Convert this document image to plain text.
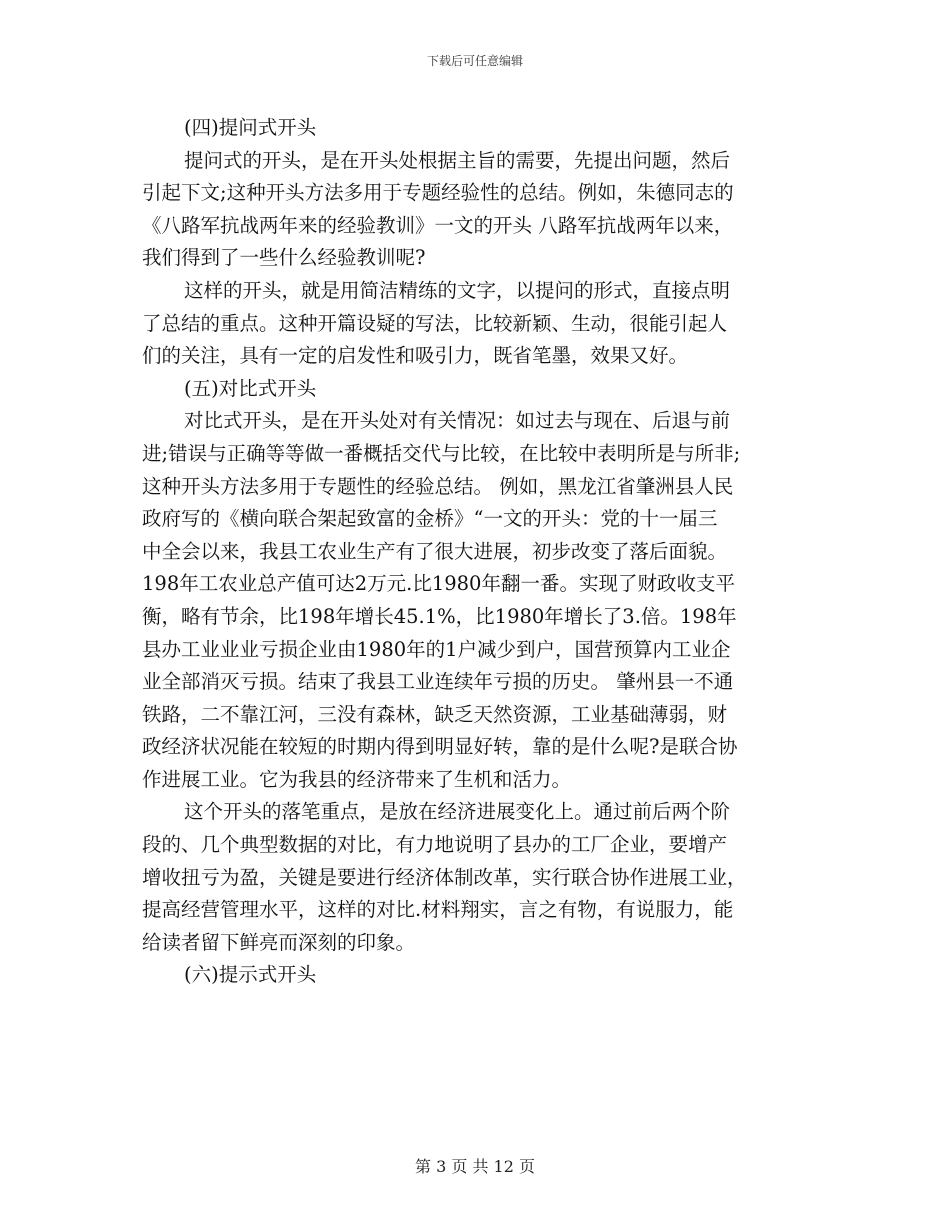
下载后可任意编辑
(四)提问式开头
提问式的开头，是在开头处根据主旨的需要，先提出问题，然后
引起下文;这种开头方法多用于专题经验性的总结。例如，朱德同志的
《八路军抗战两年来的经验教训》一文的开头 八路军抗战两年以来，
我们得到了一些什么经验教训呢?
这样的开头，就是用简洁精练的文字，以提问的形式，直接点明
了总结的重点。这种开篇设疑的写法，比较新颖、生动，很能引起人
们的关注，具有一定的启发性和吸引力，既省笔墨，效果又好。
(五)对比式开头
对比式开头，是在开头处对有关情况：如过去与现在、后退与前
进;错误与正确等等做一番概括交代与比较，在比较中表明所是与所非;
这种开头方法多用于专题性的经验总结。 例如，黑龙江省肇洲县人民
政府写的《横向联合架起致富的金桥》“一文的开头：党的十一届三
中全会以来，我县工农业生产有了很大进展，初步改变了落后面貌。
198年工农业总产值可达2万元.比1980年翻一番。实现了财政收支平
衡，略有节余，比198年增长45.1%，比1980年增长了3.倍。198年
县办工业业业亏损企业由1980年的1户减少到户，国营预算内工业企
业全部消灭亏损。结束了我县工业连续年亏损的历史。 肇州县一不通
铁路，二不靠江河，三没有森林，缺乏天然资源，工业基础薄弱，财
政经济状况能在较短的时期内得到明显好转，靠的是什么呢?是联合协
作进展工业。它为我县的经济带来了生机和活力。
这个开头的落笔重点，是放在经济进展变化上。通过前后两个阶
段的、几个典型数据的对比，有力地说明了县办的工厂企业，要增产
增收扭亏为盈，关键是要进行经济体制改革，实行联合协作进展工业，
提高经营管理水平，这样的对比.材料翔实，言之有物，有说服力，能
给读者留下鲜亮而深刻的印象。
(六)提示式开头
第 3 页 共 12 页
